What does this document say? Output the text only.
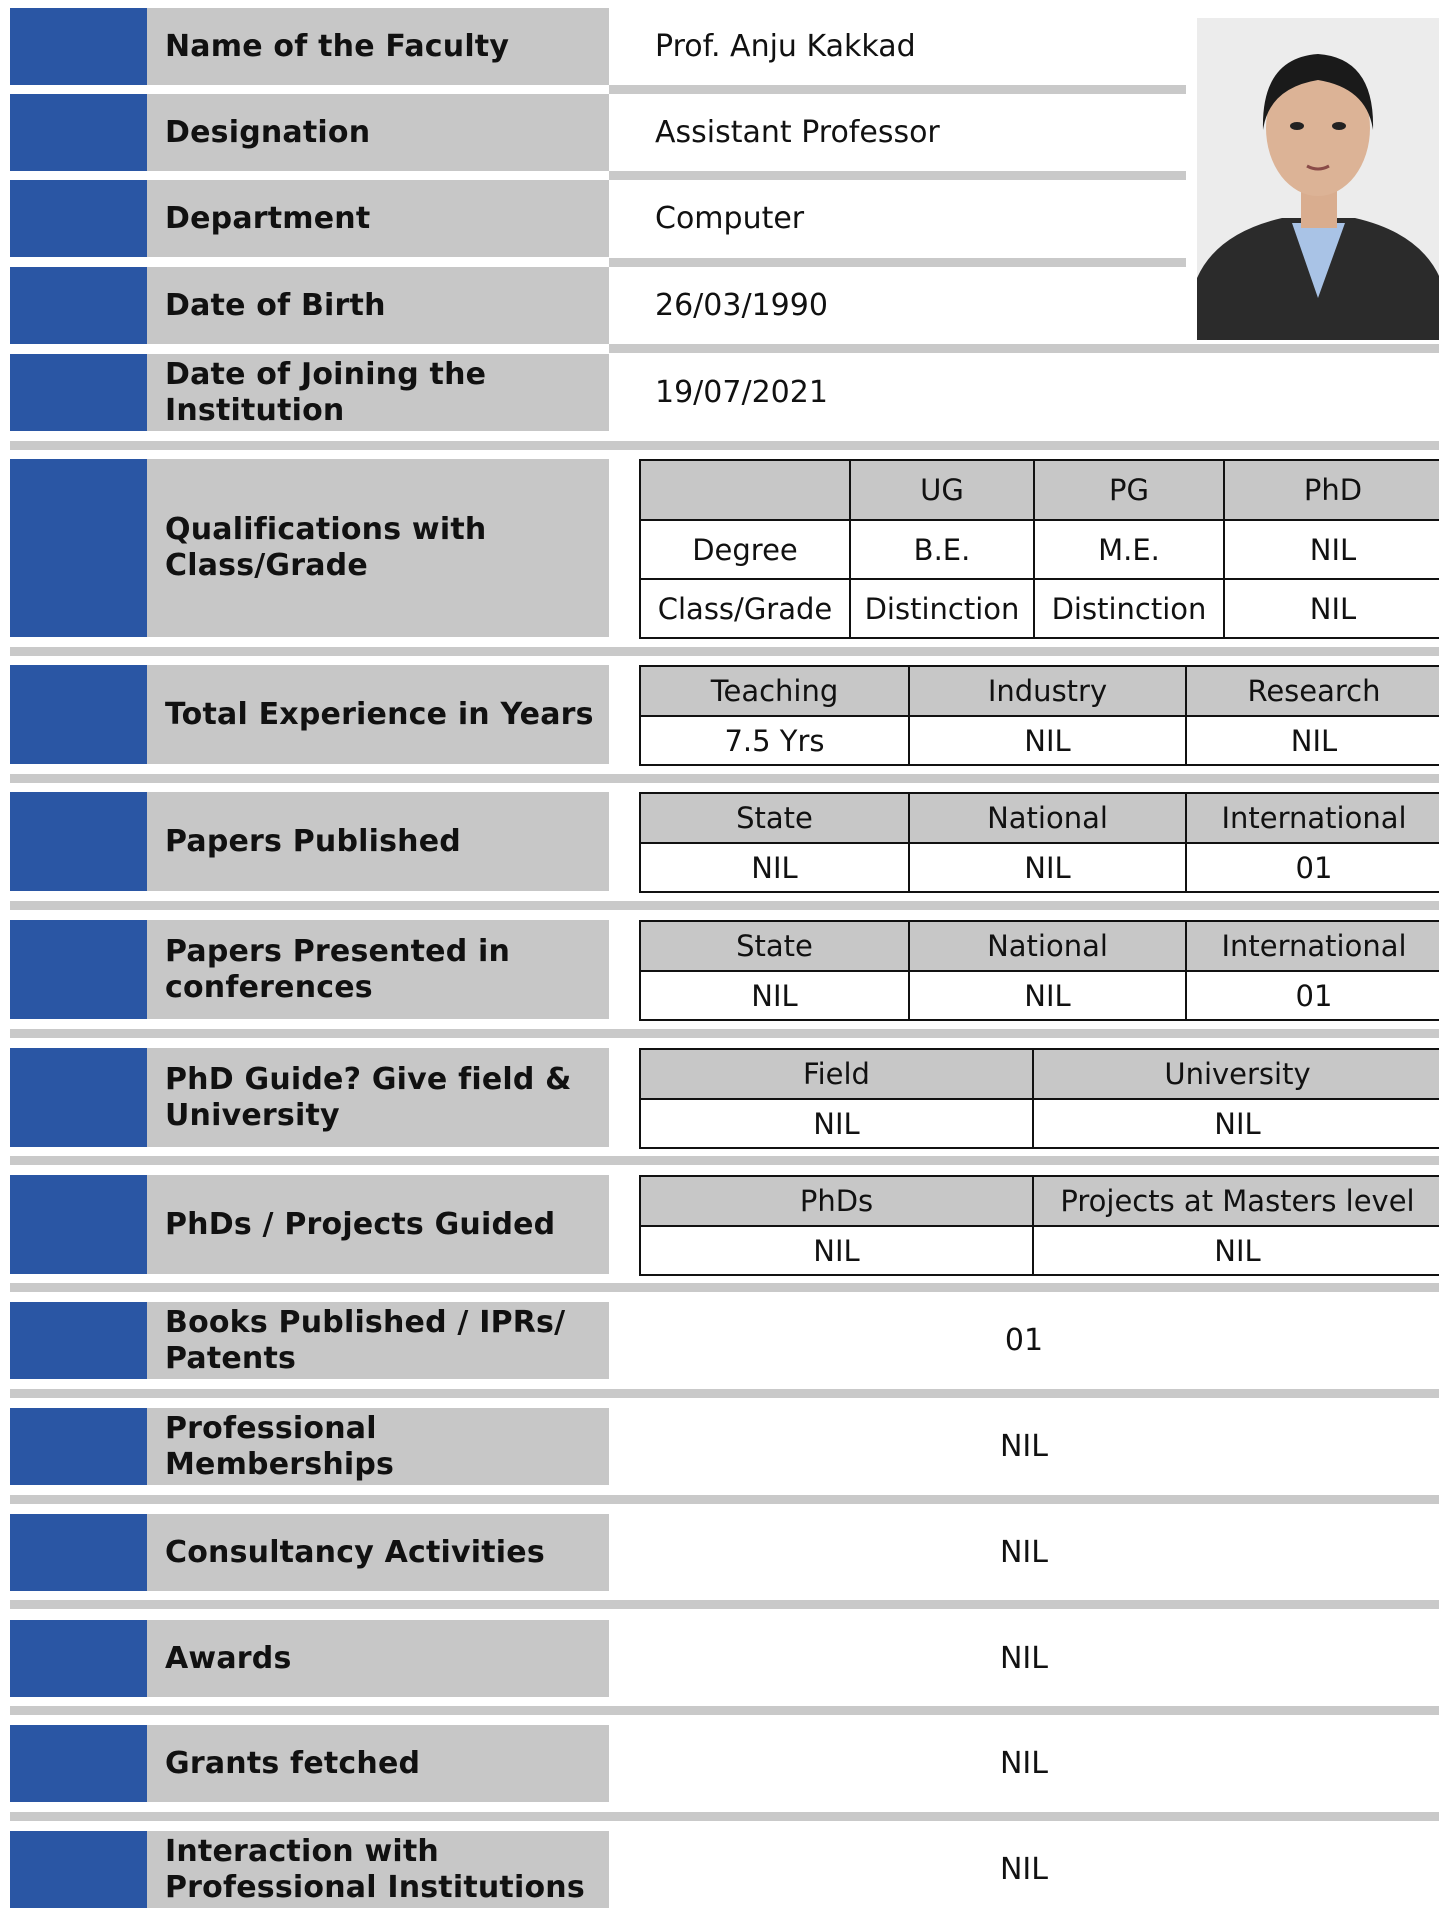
Name of the Faculty	Prof. Anju Kakkad
Designation	Assistant Professor
Department	Computer
Date of Birth	26/03/1990
Date of Joining the Institution	19/07/2021
Qualifications with Class/Grade
	UG	PG	PhD
Degree	B.E.	M.E.	NIL
Class/Grade	Distinction	Distinction	NIL
Total Experience in Years
Teaching	Industry	Research
7.5 Yrs	NIL	NIL
Papers Published
State	National	International
NIL	NIL	01
Papers Presented in conferences
State	National	International
NIL	NIL	01
PhD Guide? Give field & University
Field	University
NIL	NIL
PhDs / Projects Guided
PhDs	Projects at Masters level
NIL	NIL
Books Published / IPRs/ Patents	01
Professional Memberships	NIL
Consultancy Activities	NIL
Awards	NIL
Grants fetched	NIL
Interaction with Professional Institutions	NIL
